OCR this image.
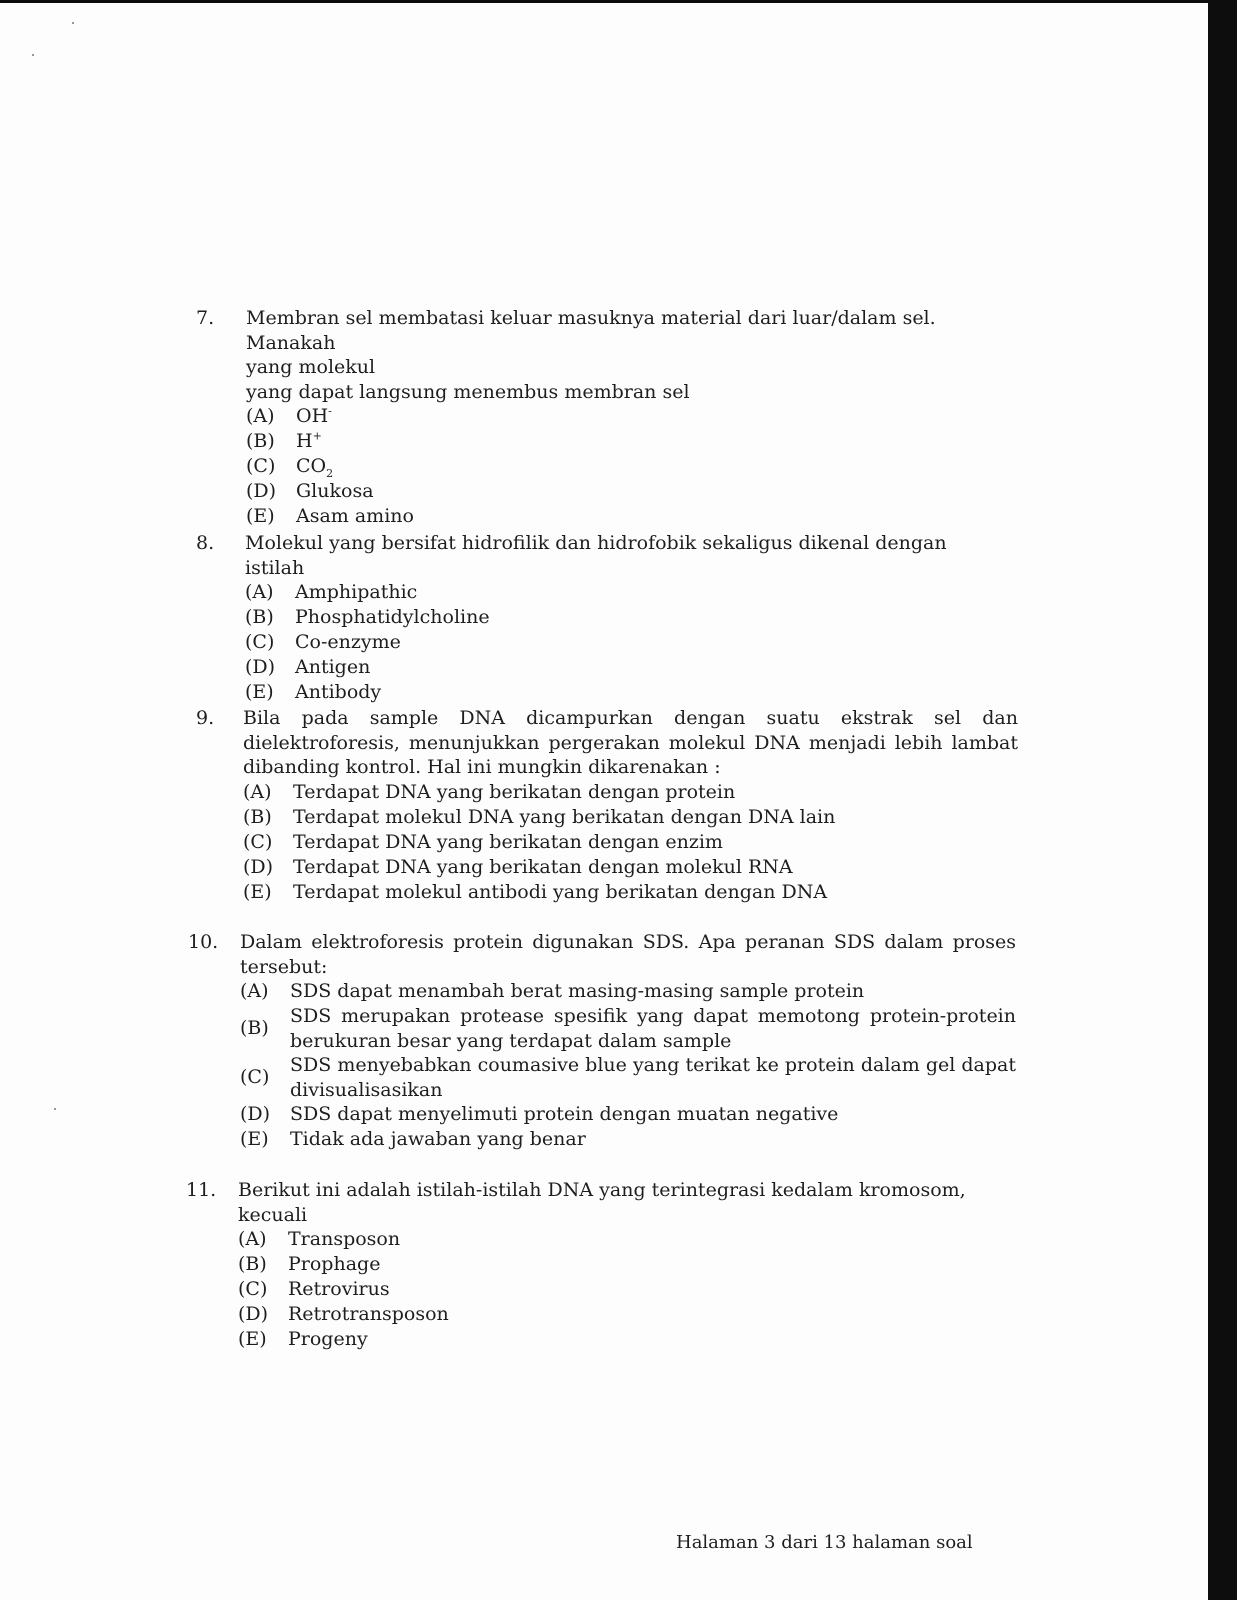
7. Membran sel membatasi keluar masuknya material dari luar/dalam sel. Manakah
yang molekul
yang dapat langsung menembus membran sel
(A)	OH-
(B)	H+
(C)	$CO_2$
(D)	Glukosa
(E)	Asam amino
8. Molekul yang bersifat hidrofilik dan hidrofobik sekaligus dikenal dengan istilah
(A)	Amphipathic
(B)	Phosphatidylcholine
(C)	Co-enzyme
(D)	Antigen
(E)	Antibody
9. Bila pada sample DNA dicampurkan dengan suatu ekstrak sel dan dielektroforesis, menunjukkan pergerakan molekul DNA menjadi lebih lambat dibanding kontrol. Hal ini mungkin dikarenakan :
(A)	Terdapat DNA yang berikatan dengan protein
(B)	Terdapat molekul DNA yang berikatan dengan DNA lain
(C)	Terdapat DNA yang berikatan dengan enzim
(D)	Terdapat DNA yang berikatan dengan molekul RNA
(E)	Terdapat molekul antibodi yang berikatan dengan DNA
10. Dalam elektroforesis protein digunakan SDS. Apa peranan SDS dalam proses tersebut:
(A)	SDS dapat menambah berat masing-masing sample protein
(B)
SDS merupakan protease spesifik yang dapat memotong protein-protein berukuran besar yang terdapat dalam sample
(C)
SDS menyebabkan coumasive blue yang terikat ke protein dalam gel dapat divisualisasikan
(D)	SDS dapat menyelimuti protein dengan muatan negative
(E)	Tidak ada jawaban yang benar
11. Berikut ini adalah istilah-istilah DNA yang terintegrasi kedalam kromosom, kecuali
(A)	Transposon
(B)	Prophage
(C)	Retrovirus
(D)	Retrotransposon
(E)	Progeny
Halaman 3 dari 13 halaman soal
